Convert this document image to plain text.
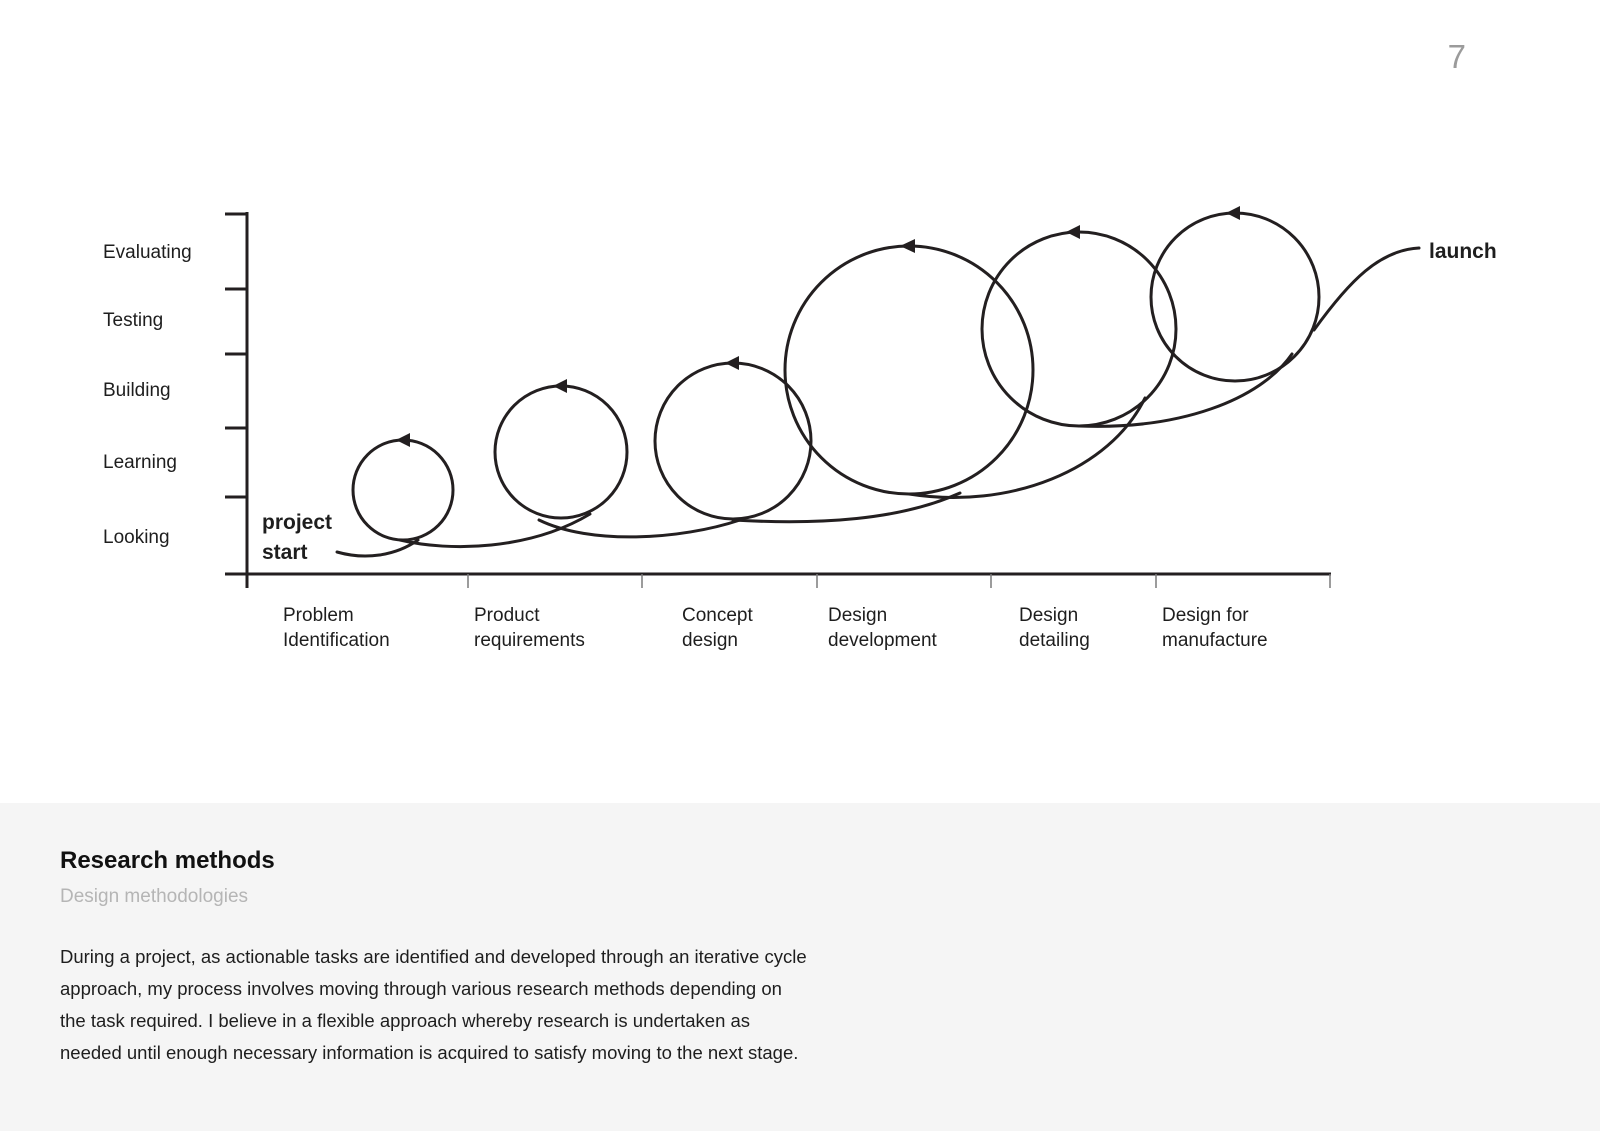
7
Evaluating
Testing
Building
Learning
Looking
Problem
Identification
Product
requirements
Concept
design
Design
development
Design
detailing
Design for
manufacture
project
start
launch
Research methods
Design methodologies
During a project, as actionable tasks are identified and developed through an iterative cycle
approach, my process involves moving through various research methods depending on
the task required. I believe in a flexible approach whereby research is undertaken as
needed until enough necessary information is acquired to satisfy moving to the next stage.
